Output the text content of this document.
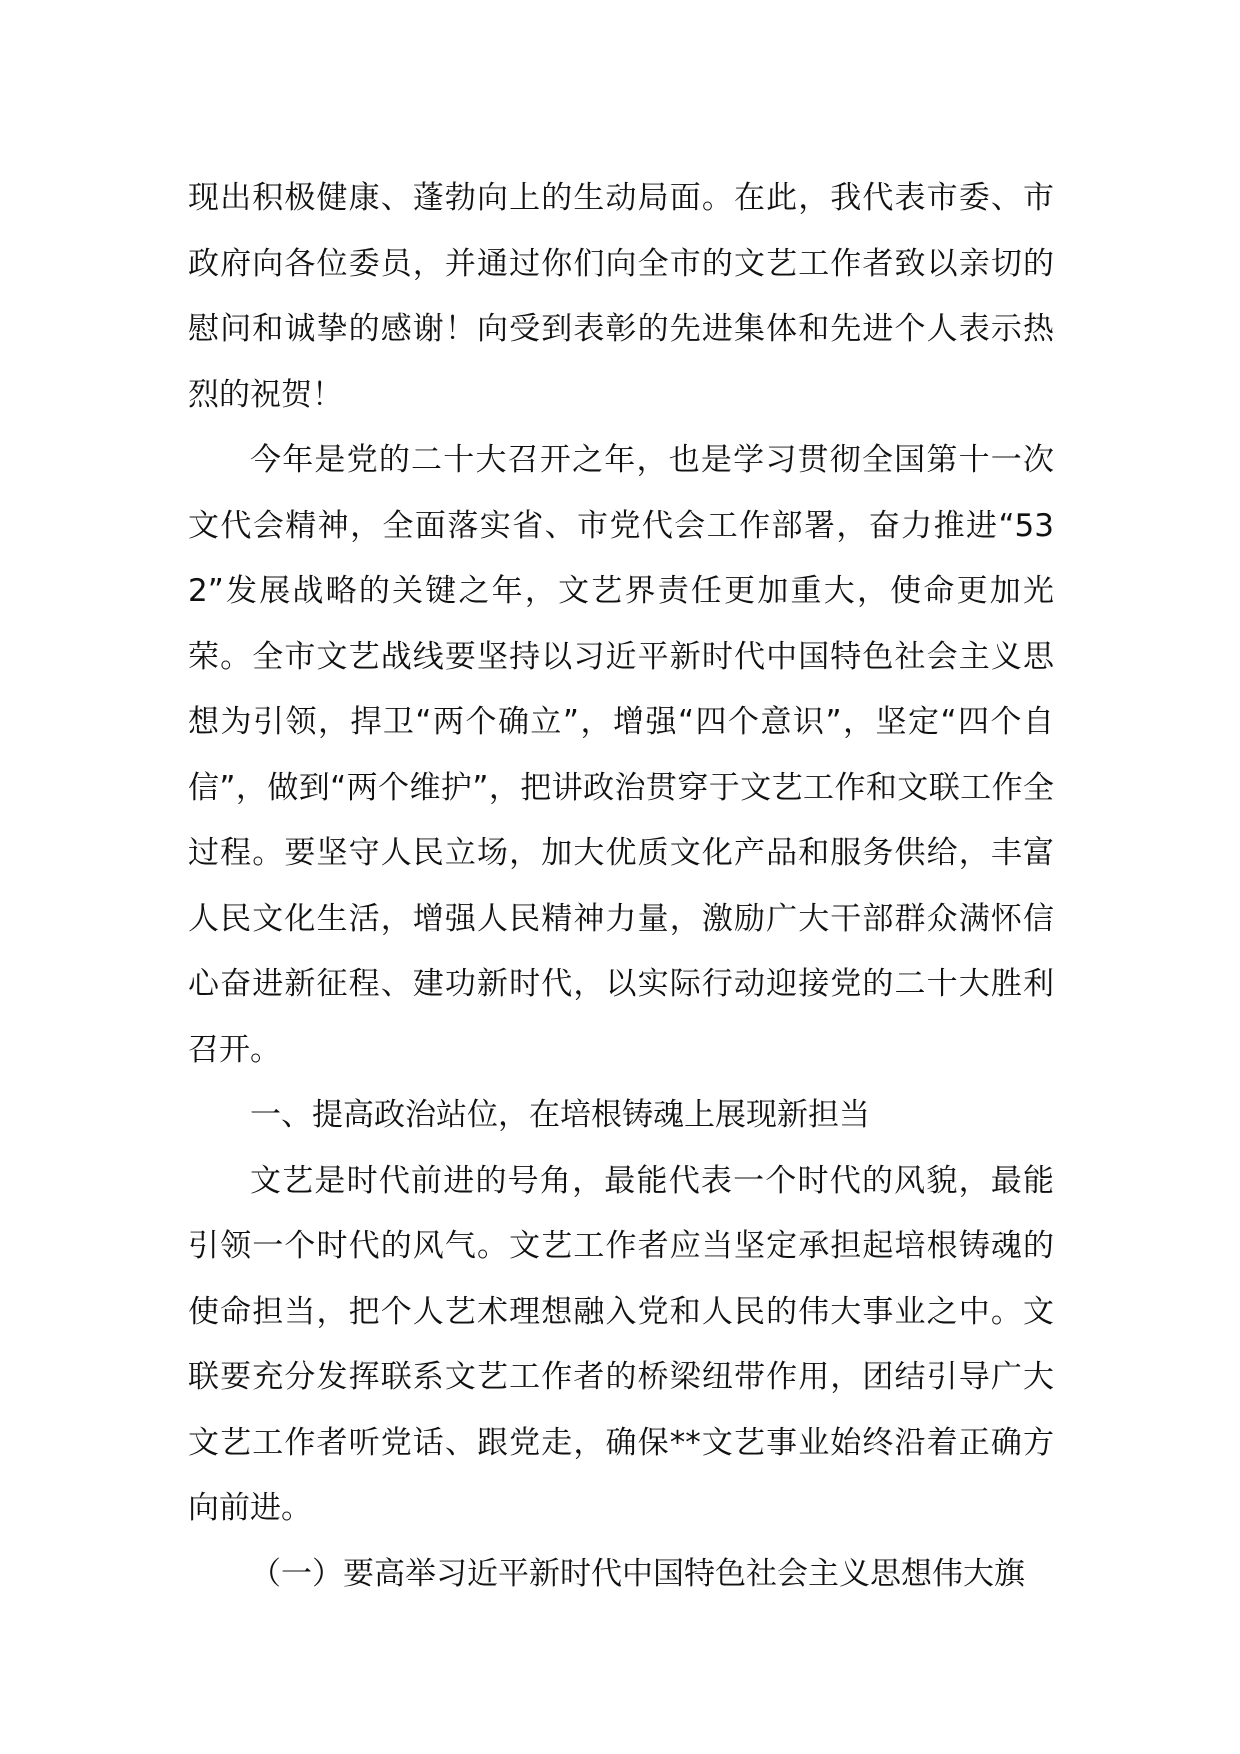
现出积极健康、蓬勃向上的生动局面。在此，我代表市委、市政府向各位委员，并通过你们向全市的文艺工作者致以亲切的慰问和诚挚的感谢！向受到表彰的先进集体和先进个人表示热烈的祝贺！

今年是党的二十大召开之年，也是学习贯彻全国第十一次文代会精神，全面落实省、市党代会工作部署，奋力推进“532”发展战略的关键之年，文艺界责任更加重大，使命更加光荣。全市文艺战线要坚持以习近平新时代中国特色社会主义思想为引领，捍卫“两个确立”，增强“四个意识”，坚定“四个自信”，做到“两个维护”，把讲政治贯穿于文艺工作和文联工作全过程。要坚守人民立场，加大优质文化产品和服务供给，丰富人民文化生活，增强人民精神力量，激励广大干部群众满怀信心奋进新征程、建功新时代，以实际行动迎接党的二十大胜利召开。

一、提高政治站位，在培根铸魂上展现新担当

文艺是时代前进的号角，最能代表一个时代的风貌，最能引领一个时代的风气。文艺工作者应当坚定承担起培根铸魂的使命担当，把个人艺术理想融入党和人民的伟大事业之中。文联要充分发挥联系文艺工作者的桥梁纽带作用，团结引导广大文艺工作者听党话、跟党走，确保**文艺事业始终沿着正确方向前进。

（一）要高举习近平新时代中国特色社会主义思想伟大旗
